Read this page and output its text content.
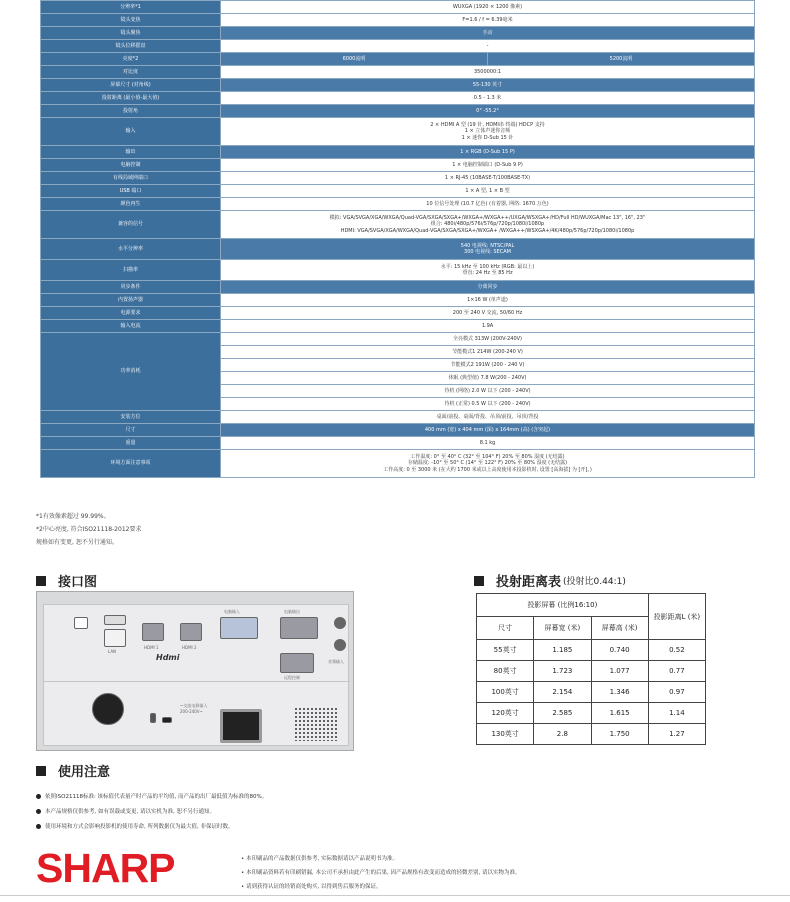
分辨率*1	WUXGA (1920 × 1200 像素)	

镜头变焦	F=1.6 / f = 6.39毫米	

镜头聚焦	手动	

镜头位移摇盘	-	

亮度*2	6000流明	5200流明
对比度	3500000:1	

屏幕尺寸 (对角线)	55-130 英寸	

投射距离 (最小值-最大值)	0.5 - 1.3 米	

投射角	0° -55.2°	

输入	2 × HDMI A 型 (19 针, HDMI串 终端) HDCP 支持
1 × 立体声迷你音频
1 × 迷你 D-Sub 15 针	

输出	1 × RGB (D-Sub 15 P)	

电脑控制	1 × 电脑控制端口 (D-Sub 9 P)	

有线局域网端口	1 × RJ-45 (10BASE-T/100BASE-TX)	

USB 端口	1 × A 型, 1 × B 型	

颜色再生	10 位信号处理 (10.7 亿色) (有着器, 网络: 1670 万色)	

兼容的信号	模拟: VGA/SVGA/XGA/WXGA/Quad-VGA/SXGA/SXGA+/WXGA+/WXGA++/UXGA/WSXGA+/HD/Full HD/WUXGA/Mac 13", 16", 23"
组合: 480i/480p/576i/576p/720p/1080i/1080p
HDMI: VGA/SVGA/XGA/WXGA/Quad-VGA/SXGA/SXGA+/WXGA+ /WXGA++/WSXGA+/4K/480p/576p/720p/1080i/1080p	

水平分辨率	540 电视线: NTSC/PAL
300 电视线: SECAM	

扫描率	水平: 15 kHz 至 100 kHz (RGB: 最以上)
垂直: 24 Hz 至 85 Hz	

同步条件	分离同步	

内置扬声器	1×16 W (单声道)	

电源要求	200 至 240 V 交流, 50/60 Hz	

输入电流	1.9A	

功率消耗	全亮模式 313W (200V-240V)	
	节能模式1 214W (200-240 V)	
	节能模式2 191W (200 - 240 V)	
	休眠 (典型值) 7.8 W(200 - 240V)	
	待机 (网络) 2.0 W 以下 (200 - 240V)	
	待机 (正常) 0.5 W 以下 (200 - 240V)	
安装方位	桌面/前投、桌面/背投、吊顶/前投、吊顶/背投	

尺寸	400 mm (宽) x 404 mm (深) x 164mm (高) (含突起)	

重量	8.1 kg	

环境方面注意事项	工作温度: 0° 至 40° C (32° 至 104° F) 20% 至 80% 湿度 (无结露)
存储温度: -10° 至 50° C (14° 至 122° F) 20% 至 80% 湿度 (无结露)
工作高度: 0 至 3000 米 (在大约 1700 米或以上高度使用本投影机时, 设置 [高海拔] 为 [开]。)	
*1有效像素超过 99.99%。
*2中心亮度, 符合ISO21118-2012要求
规格如有变更, 恕不另行通知。
接口图
LAN
HDMI 1	HDMI 2
Hdmi
电脑输入	电脑输出
远程控制
音频输入
~交流电源输入 200-240V~
投射距离表 (投射比0.44:1)
投影屏幕 (比例16:10)			投影距离L (米)
尺寸	屏幕宽 (米)	屏幕高 (米)	
55英寸	1.185	0.740	0.52
80英寸	1.723	1.077	0.77
100英寸	2.154	1.346	0.97
120英寸	2.585	1.615	1.14
130英寸	2.8	1.750	1.27
使用注意
依照ISO21118标准: 该标值代表量产时产品的平均值, 而产品的出厂最低值为标准的80%。
本产品规格仅供参考, 如有误载或变更, 请以实机为准, 恕不另行通知。
使用环境和方式会影响投影机的使用寿命, 所列数据仅为最大值, 非保证时数。
SHARP	• 本印刷品的产品数据仅供参考, 实际数据请以产品说明书为准。
• 本印刷品资料若有印刷错漏, 本公司不承担由此产生的后果, 因产品规格有改变而造成的轻微差别, 请以实物为准。
• 请到获得认证的经销商处购买, 以得到售后服务的保证。
